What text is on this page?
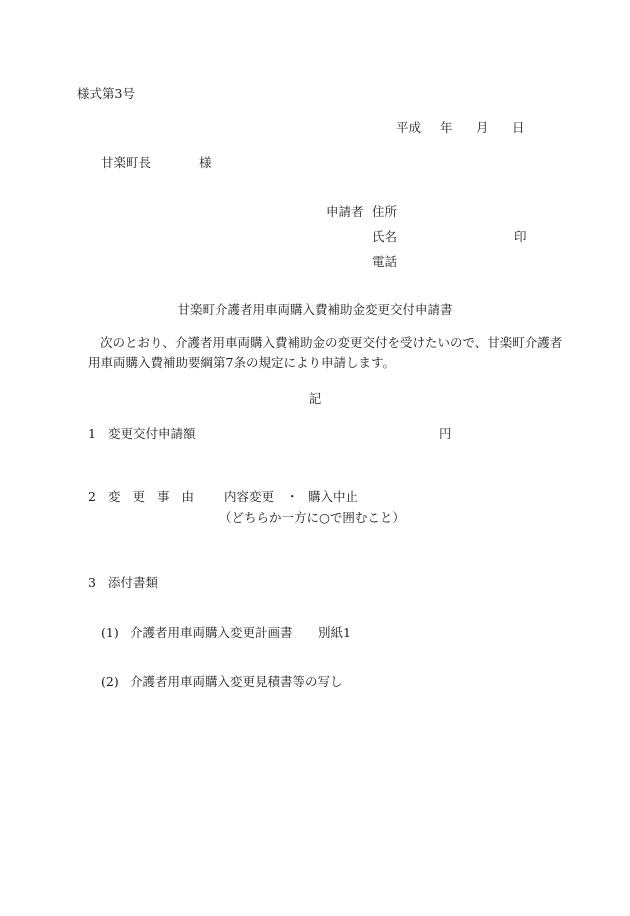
様式第3号
平成 年 月 日
甘楽町長	様
申請者 住所
氏名	印
電話
甘楽町介護者用車両購入費補助金変更交付申請書
次のとおり、介護者用車両購入費補助金の変更交付を受けたいので、甘楽町介護者用車両購入費補助要綱第7条の規定により申請します。
記
1 変更交付申請額	円
2 変更事由 内容変更 ・ 購入中止
（どちらか一方に○で囲むこと）
3 添付書類
(1) 介護者用車両購入変更計画書 別紙1
(2) 介護者用車両購入変更見積書等の写し
